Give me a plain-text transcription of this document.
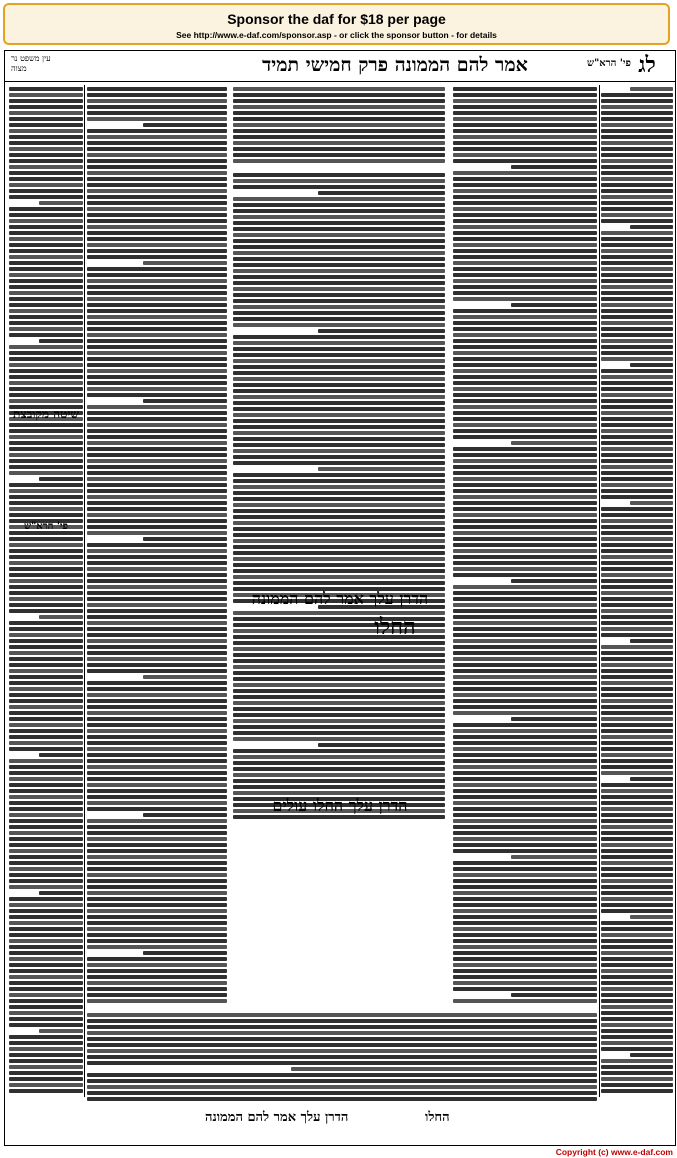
Sponsor the daf for $18 per page
See http://www.e-daf.com/sponsor.asp - or click the sponsor button - for details
עין משפט נר מצוה	אמר להם הממונה פרק חמישי תמיד	פי' הרא"ש לג
הדרן עלך אמר להם הממונה
החלו
הדרן עלך החלו עולים
שיטה מקובצת
פי' הרא"ש
הדרן עלך אמר להם הממונה	החלו
Copyright (c) www.e-daf.com
